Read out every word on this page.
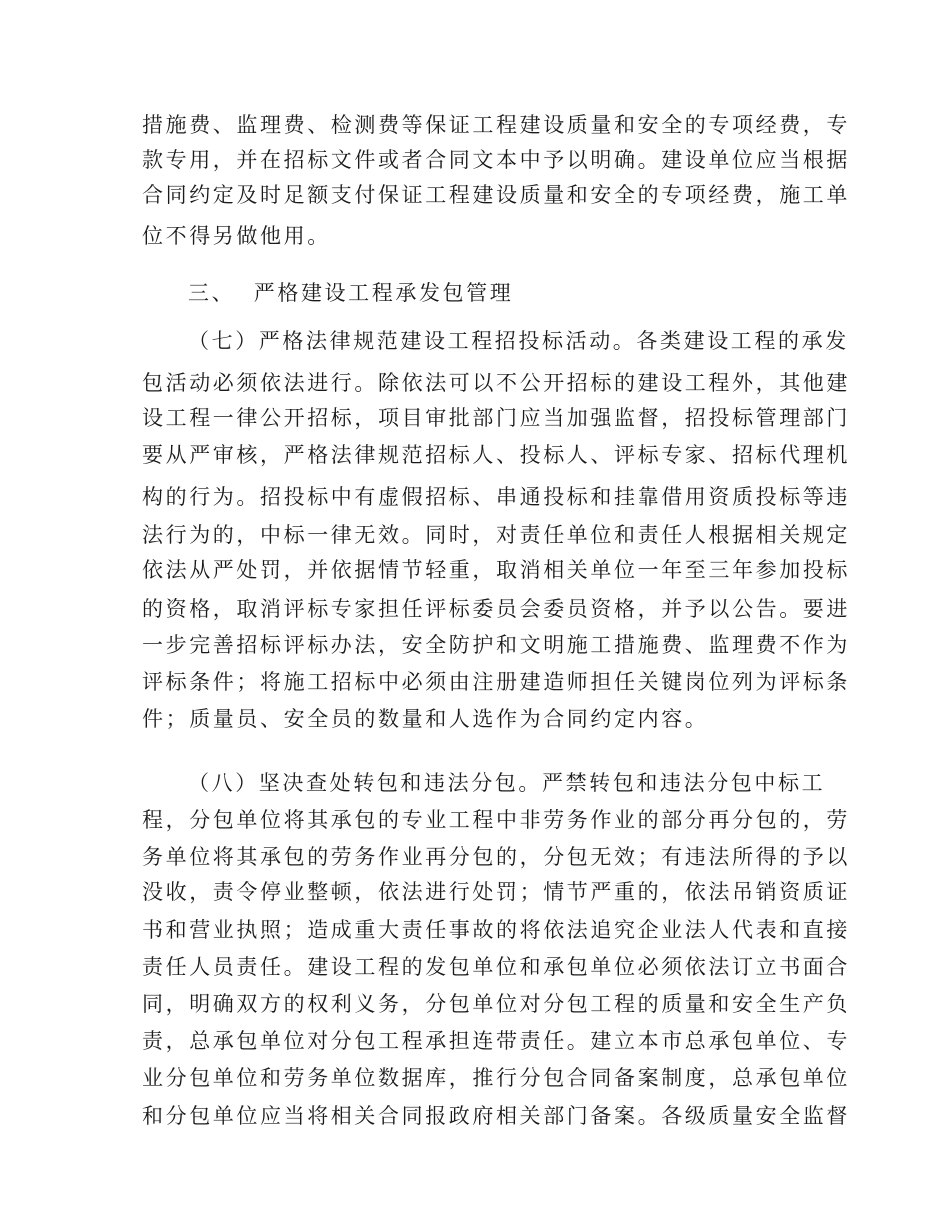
措施费、监理费、检测费等保证工程建设质量和安全的专项经费，专
款专用，并在招标文件或者合同文本中予以明确。建设单位应当根据
合同约定及时足额支付保证工程建设质量和安全的专项经费，施工单
位不得另做他用。
三、  严格建设工程承发包管理
（七）严格法律规范建设工程招投标活动。各类建设工程的承发
包活动必须依法进行。除依法可以不公开招标的建设工程外，其他建
设工程一律公开招标，项目审批部门应当加强监督，招投标管理部门
要从严审核，严格法律规范招标人、投标人、评标专家、招标代理机
构的行为。招投标中有虚假招标、串通投标和挂靠借用资质投标等违
法行为的，中标一律无效。同时，对责任单位和责任人根据相关规定
依法从严处罚，并依据情节轻重，取消相关单位一年至三年参加投标
的资格，取消评标专家担任评标委员会委员资格，并予以公告。要进
一步完善招标评标办法，安全防护和文明施工措施费、监理费不作为
评标条件；将施工招标中必须由注册建造师担任关键岗位列为评标条
件；质量员、安全员的数量和人选作为合同约定内容。
（八）坚决查处转包和违法分包。严禁转包和违法分包中标工
程，分包单位将其承包的专业工程中非劳务作业的部分再分包的，劳
务单位将其承包的劳务作业再分包的，分包无效；有违法所得的予以
没收，责令停业整顿，依法进行处罚；情节严重的，依法吊销资质证
书和营业执照；造成重大责任事故的将依法追究企业法人代表和直接
责任人员责任。建设工程的发包单位和承包单位必须依法订立书面合
同，明确双方的权利义务，分包单位对分包工程的质量和安全生产负
责，总承包单位对分包工程承担连带责任。建立本市总承包单位、专
业分包单位和劳务单位数据库，推行分包合同备案制度，总承包单位
和分包单位应当将相关合同报政府相关部门备案。各级质量安全监督
